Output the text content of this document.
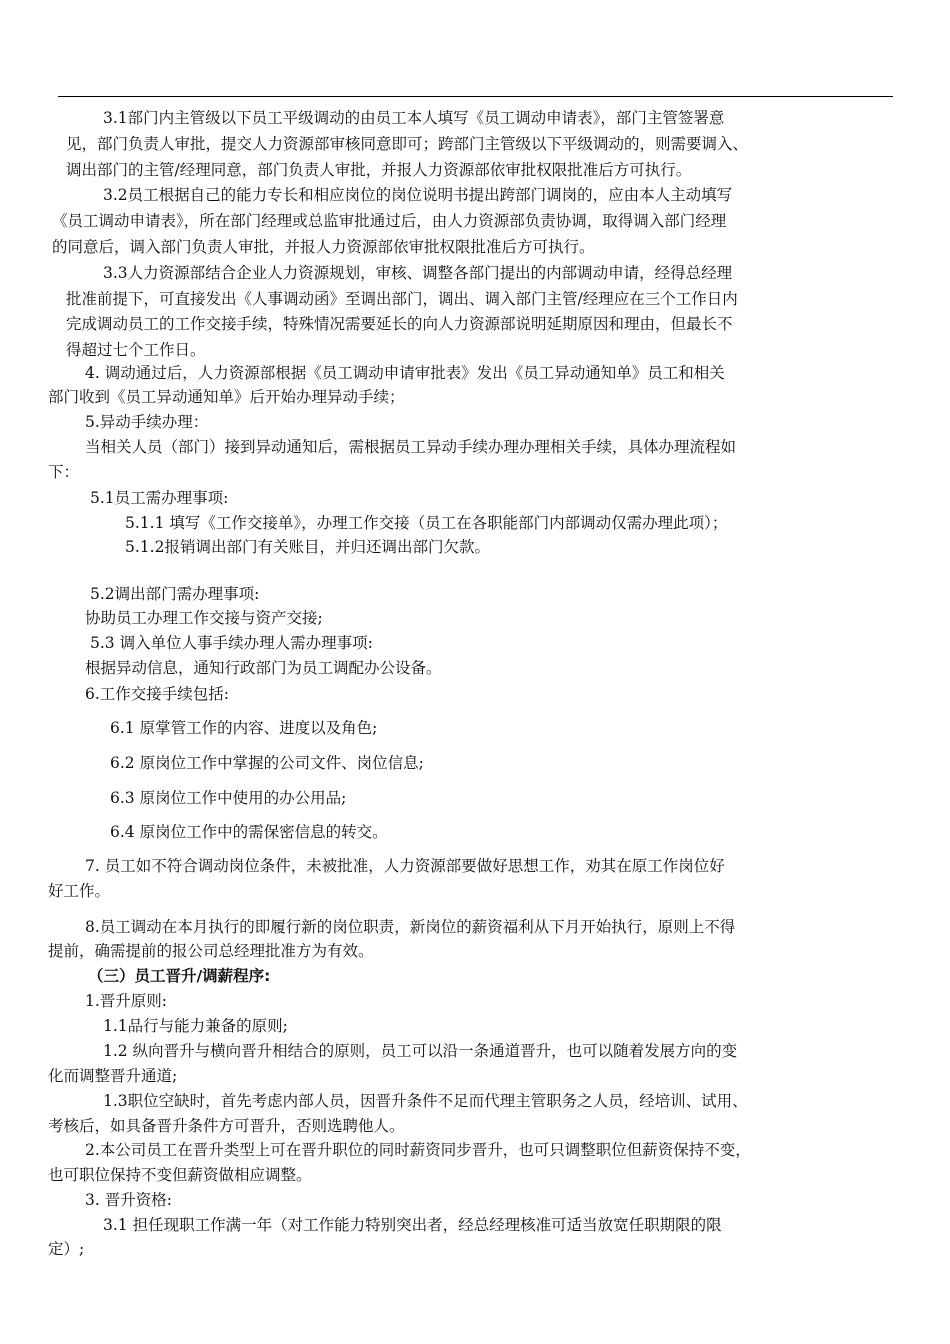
3.1部门内主管级以下员工平级调动的由员工本人填写《员工调动申请表》，部门主管签署意

见，部门负责人审批，提交人力资源部审核同意即可；跨部门主管级以下平级调动的，则需要调入、

调出部门的主管/经理同意，部门负责人审批，并报人力资源部依审批权限批准后方可执行。

3.2员工根据自己的能力专长和相应岗位的岗位说明书提出跨部门调岗的，应由本人主动填写

《员工调动申请表》，所在部门经理或总监审批通过后，由人力资源部负责协调，取得调入部门经理

的同意后，调入部门负责人审批，并报人力资源部依审批权限批准后方可执行。

3.3人力资源部结合企业人力资源规划，审核、调整各部门提出的内部调动申请，经得总经理

批准前提下，可直接发出《人事调动函》至调出部门，调出、调入部门主管/经理应在三个工作日内

完成调动员工的工作交接手续，特殊情况需要延长的向人力资源部说明延期原因和理由，但最长不

得超过七个工作日。

4. 调动通过后，人力资源部根据《员工调动申请审批表》发出《员工异动通知单》员工和相关

部门收到《员工异动通知单》后开始办理异动手续；

5.异动手续办理：

当相关人员（部门）接到异动通知后，需根据员工异动手续办理办理相关手续，具体办理流程如

下：

5.1员工需办理事项:

5.1.1 填写《工作交接单》，办理工作交接（员工在各职能部门内部调动仅需办理此项）；

5.1.2报销调出部门有关账目，并归还调出部门欠款。

5.2调出部门需办理事项:

协助员工办理工作交接与资产交接;

5.3 调入单位人事手续办理人需办理事项:

根据异动信息，通知行政部门为员工调配办公设备。

6.工作交接手续包括:

6.1 原掌管工作的内容、进度以及角色;

6.2 原岗位工作中掌握的公司文件、岗位信息;

6.3 原岗位工作中使用的办公用品;

6.4 原岗位工作中的需保密信息的转交。

7. 员工如不符合调动岗位条件，未被批准，人力资源部要做好思想工作，劝其在原工作岗位好

好工作。

8.员工调动在本月执行的即履行新的岗位职责，新岗位的薪资福利从下月开始执行，原则上不得

提前，确需提前的报公司总经理批准方为有效。

（三）员工晋升/调薪程序:

1.晋升原则:

1.1品行与能力兼备的原则;

1.2 纵向晋升与横向晋升相结合的原则，员工可以沿一条通道晋升，也可以随着发展方向的变

化而调整晋升通道;

1.3职位空缺时，首先考虑内部人员，因晋升条件不足而代理主管职务之人员，经培训、试用、

考核后，如具备晋升条件方可晋升，否则选聘他人。

2.本公司员工在晋升类型上可在晋升职位的同时薪资同步晋升，也可只调整职位但薪资保持不变，

也可职位保持不变但薪资做相应调整。

3. 晋升资格:

3.1 担任现职工作满一年（对工作能力特别突出者，经总经理核准可适当放宽任职期限的限

定）;
